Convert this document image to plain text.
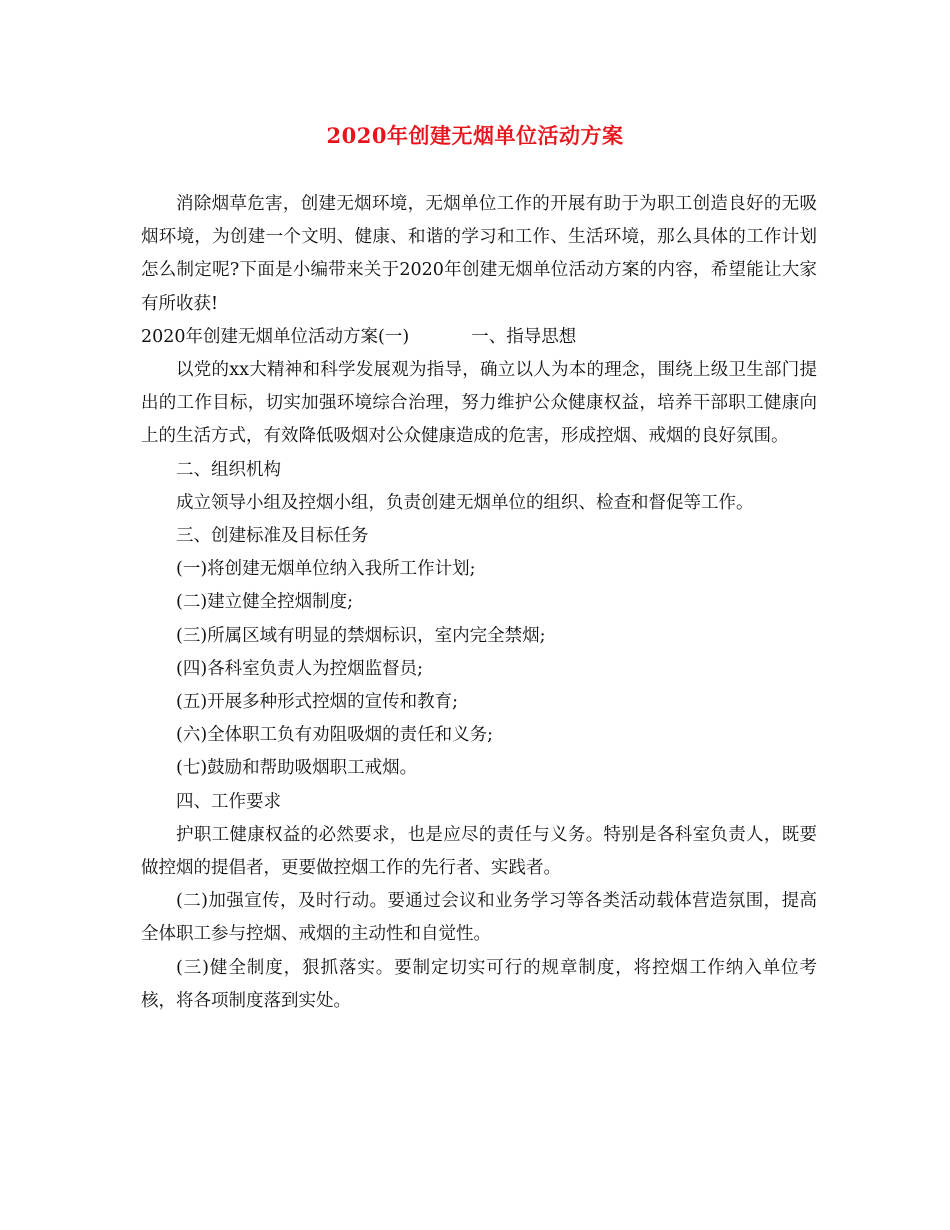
2020年创建无烟单位活动方案

消除烟草危害，创建无烟环境，无烟单位工作的开展有助于为职工创造良好的无吸烟环境，为创建一个文明、健康、和谐的学习和工作、生活环境，那么具体的工作计划怎么制定呢?下面是小编带来关于2020年创建无烟单位活动方案的内容，希望能让大家有所收获!

2020年创建无烟单位活动方案(一)	一、指导思想

以党的xx大精神和科学发展观为指导，确立以人为本的理念，围绕上级卫生部门提出的工作目标，切实加强环境综合治理，努力维护公众健康权益，培养干部职工健康向上的生活方式，有效降低吸烟对公众健康造成的危害，形成控烟、戒烟的良好氛围。

二、组织机构

成立领导小组及控烟小组，负责创建无烟单位的组织、检查和督促等工作。

三、创建标准及目标任务

(一)将创建无烟单位纳入我所工作计划;

(二)建立健全控烟制度;

(三)所属区域有明显的禁烟标识，室内完全禁烟;

(四)各科室负责人为控烟监督员;

(五)开展多种形式控烟的宣传和教育;

(六)全体职工负有劝阻吸烟的责任和义务;

(七)鼓励和帮助吸烟职工戒烟。

四、工作要求

护职工健康权益的必然要求，也是应尽的责任与义务。特别是各科室负责人，既要做控烟的提倡者，更要做控烟工作的先行者、实践者。

(二)加强宣传，及时行动。要通过会议和业务学习等各类活动载体营造氛围，提高全体职工参与控烟、戒烟的主动性和自觉性。

(三)健全制度，狠抓落实。要制定切实可行的规章制度，将控烟工作纳入单位考核，将各项制度落到实处。
